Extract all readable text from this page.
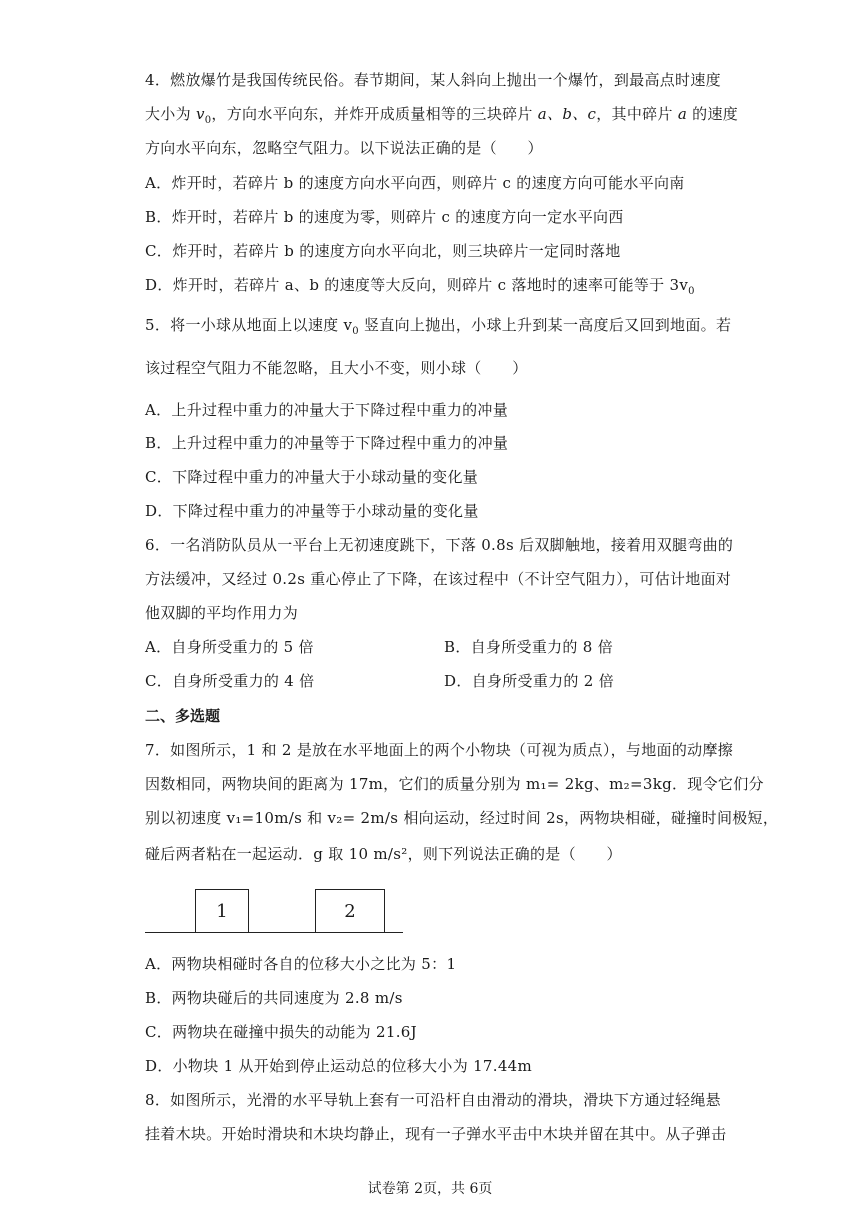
4．燃放爆竹是我国传统民俗。春节期间，某人斜向上抛出一个爆竹，到最高点时速度
大小为 $v_0$，方向水平向东，并炸开成质量相等的三块碎片 a、b、c，其中碎片 a 的速度
方向水平向东，忽略空气阻力。以下说法正确的是（　　）
A．炸开时，若碎片 b 的速度方向水平向西，则碎片 c 的速度方向可能水平向南
B．炸开时，若碎片 b 的速度为零，则碎片 c 的速度方向一定水平向西
C．炸开时，若碎片 b 的速度方向水平向北，则三块碎片一定同时落地
D．炸开时，若碎片 a、b 的速度等大反向，则碎片 c 落地时的速率可能等于 $3v_0$
5．将一小球从地面上以速度 $v_0$ 竖直向上抛出，小球上升到某一高度后又回到地面。若
该过程空气阻力不能忽略，且大小不变，则小球（　　）
A．上升过程中重力的冲量大于下降过程中重力的冲量
B．上升过程中重力的冲量等于下降过程中重力的冲量
C．下降过程中重力的冲量大于小球动量的变化量
D．下降过程中重力的冲量等于小球动量的变化量
6．一名消防队员从一平台上无初速度跳下，下落 0.8s 后双脚触地，接着用双腿弯曲的
方法缓冲，又经过 0.2s 重心停止了下降，在该过程中（不计空气阻力），可估计地面对
他双脚的平均作用力为
A．自身所受重力的 5 倍	B．自身所受重力的 8 倍
C．自身所受重力的 4 倍	D．自身所受重力的 2 倍
二、多选题
7．如图所示，1 和 2 是放在水平地面上的两个小物块（可视为质点），与地面的动摩擦
因数相同，两物块间的距离为 17m，它们的质量分别为 m₁= 2kg、m₂=3kg．现令它们分
别以初速度 v₁=10m/s 和 v₂= 2m/s 相向运动，经过时间 2s，两物块相碰，碰撞时间极短，
碰后两者粘在一起运动．g 取 10 m/s²，则下列说法正确的是（　　）
1	2
A．两物块相碰时各自的位移大小之比为 5：1
B．两物块碰后的共同速度为 2.8 m/s
C．两物块在碰撞中损失的动能为 21.6J
D．小物块 1 从开始到停止运动总的位移大小为 17.44m
8．如图所示，光滑的水平导轨上套有一可沿杆自由滑动的滑块，滑块下方通过轻绳悬
挂着木块。开始时滑块和木块均静止，现有一子弹水平击中木块并留在其中。从子弹击
试卷第 2页，共 6页
